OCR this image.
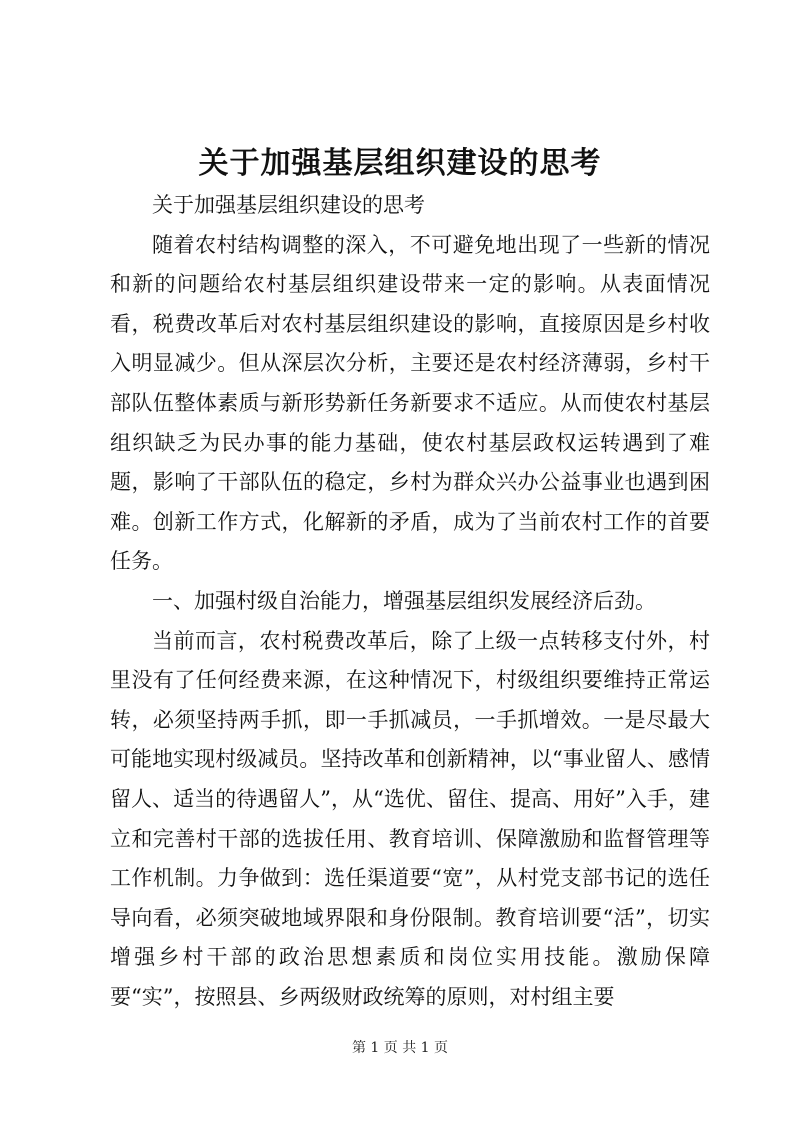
关于加强基层组织建设的思考

关于加强基层组织建设的思考

随着农村结构调整的深入，不可避免地出现了一些新的情况和新的问题给农村基层组织建设带来一定的影响。从表面情况看，税费改革后对农村基层组织建设的影响，直接原因是乡村收入明显减少。但从深层次分析，主要还是农村经济薄弱，乡村干部队伍整体素质与新形势新任务新要求不适应。从而使农村基层组织缺乏为民办事的能力基础，使农村基层政权运转遇到了难题，影响了干部队伍的稳定，乡村为群众兴办公益事业也遇到困难。创新工作方式，化解新的矛盾，成为了当前农村工作的首要任务。

一、加强村级自治能力，增强基层组织发展经济后劲。

当前而言，农村税费改革后，除了上级一点转移支付外，村里没有了任何经费来源，在这种情况下，村级组织要维持正常运转，必须坚持两手抓，即一手抓减员，一手抓增效。一是尽最大可能地实现村级减员。坚持改革和创新精神，以“事业留人、感情留人、适当的待遇留人”，从“选优、留住、提高、用好”入手，建立和完善村干部的选拔任用、教育培训、保障激励和监督管理等工作机制。力争做到：选任渠道要“宽”，从村党支部书记的选任导向看，必须突破地域界限和身份限制。教育培训要“活”，切实增强乡村干部的政治思想素质和岗位实用技能。激励保障要“实”，按照县、乡两级财政统筹的原则，对村组主要

第 1 页 共 1 页
